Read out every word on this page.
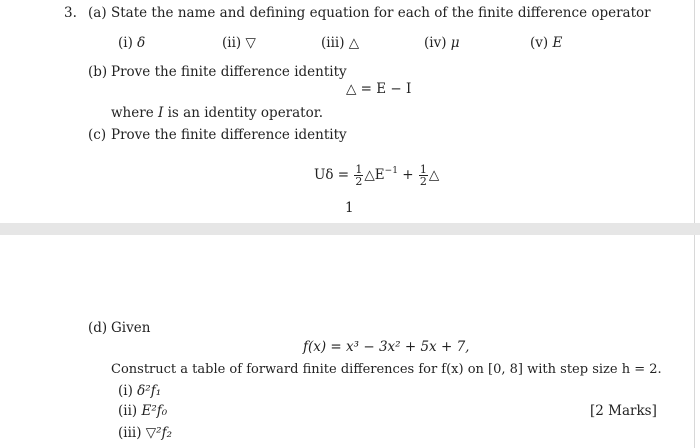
3. (a) State the name and defining equation for each of the finite difference operator
(i) δ	(ii) ▽	(iii) △	(iv) μ	(v) E
(b) Prove the finite difference identity
△ = E − I
where I is an identity operator.
(c) Prove the finite difference identity
$U\delta = \frac{1}{2}$ $\triangle E^{-1} + \frac{1}{2}$ △
1
(d) Given
f(x) = x³ − 3x² + 5x + 7,
Construct a table of forward finite differences for f(x) on [0, 8] with step size h = 2.
(i) δ²f₁
(ii) E²f₀
(iii) ▽²f₂
[2 Marks]
